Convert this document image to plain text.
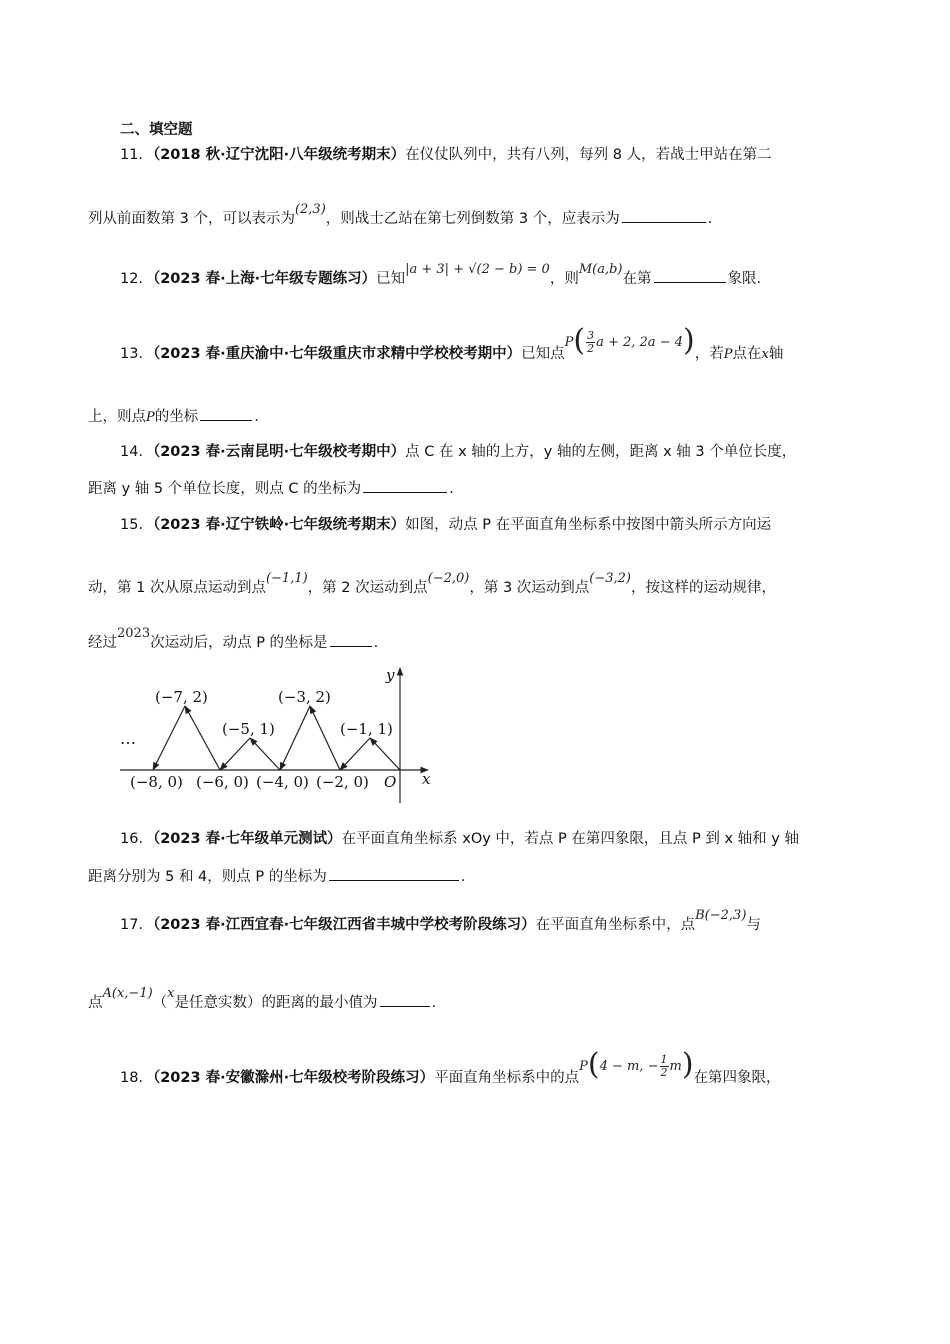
二、填空题
11．（2018 秋·辽宁沈阳·八年级统考期末）在仪仗队列中，共有八列，每列 8 人，若战士甲站在第二
列从前面数第 3 个，可以表示为(2,3)，则战士乙站在第七列倒数第 3 个，应表示为	.
12．（2023 春·上海·七年级专题练习）已知|a + 3| + √(2 − b) = 0，则M(a,b)在第	象限.
13．（2023 春·重庆渝中·七年级重庆市求精中学校校考期中）已知点$P( \frac{3}{2}$ a + 2, 2a − 4)，若P点在x轴
上，则点P的坐标	.
14．（2023 春·云南昆明·七年级校考期中）点 C 在 x 轴的上方，y 轴的左侧，距离 x 轴 3 个单位长度，
距离 y 轴 5 个单位长度，则点 C 的坐标为	.
15．（2023 春·辽宁铁岭·七年级统考期末）如图，动点 P 在平面直角坐标系中按图中箭头所示方向运
动，第 1 次从原点运动到点(−1,1)，第 2 次运动到点(−2,0)，第 3 次运动到点(−3,2)，按这样的运动规律，
经过2023次运动后，动点 P 的坐标是	.
(−7, 2)
(−5, 1)
(−3, 2)
(−1, 1)
(−8, 0) (−6, 0) (−4, 0) (−2, 0)
…
O x
y
16．（2023 春·七年级单元测试）在平面直角坐标系 xOy 中，若点 P 在第四象限，且点 P 到 x 轴和 y 轴
距离分别为 5 和 4，则点 P 的坐标为	.
17．（2023 春·江西宜春·七年级江西省丰城中学校考阶段练习）在平面直角坐标系中，点B(−2,3)与
点A(x,−1)（x是任意实数）的距离的最小值为	.
18．（2023 春·安徽滁州·七年级校考阶段练习）平面直角坐标系中的点P(4 − m, − $\frac{1}{2} m$)在第四象限，
